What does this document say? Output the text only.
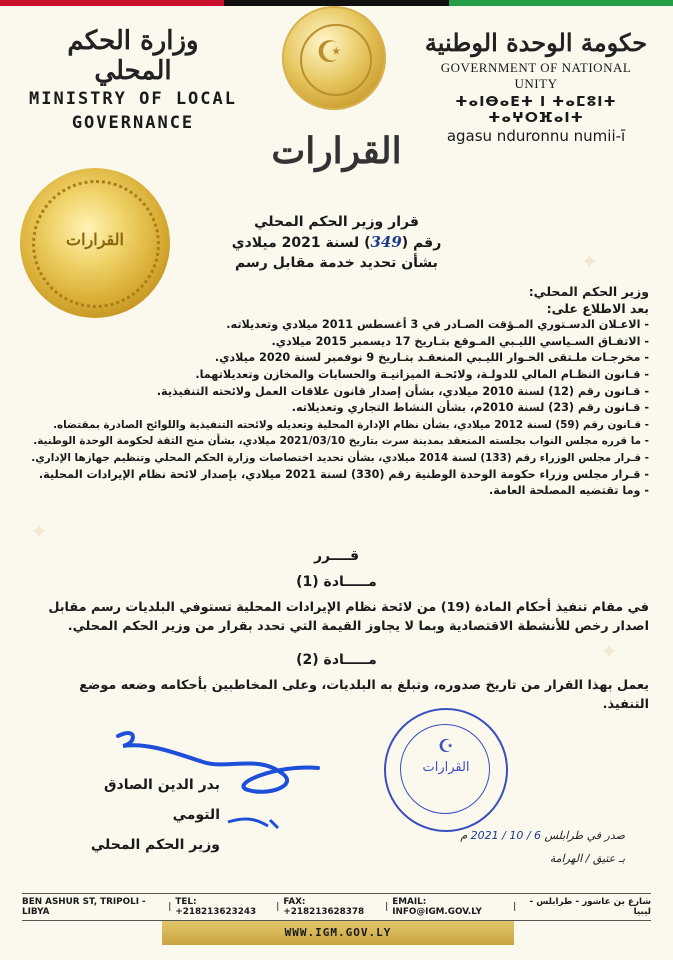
✦
✦
✦
وزارة الحكم المحلي
MINISTRY OF LOCAL
GOVERNANCE
☪	حكومة الوحدة الوطنية
GOVERNMENT OF NATIONAL UNITY
ⵜⴰⵏⴱⴰⴹⵜ ⵏ ⵜⴰⵎⵓⵏⵜ ⵜⴰⵖⵔⴼⴰⵏⵜ
agasu nduronnu numii-ī
القرارات
القرارات
قرار وزير الحكم المحلي
رقم (349) لسنة 2021 ميلادي
بشأن تحديد خدمة مقابل رسم
وزير الحكم المحلي:
بعد الاطلاع على:
- الاعـلان الدسـتوري المـؤقت الصـادر في 3 أغسطس 2011 ميلادي وتعديلاته.
- الاتفـاق السـياسي الليـبي المـوقع بتـاريخ 17 ديسمبر 2015 ميلادي.
- مخرجـات ملـتقى الحـوار الليـبي المنعقـد بتـاريخ 9 نوفمبر لسنة 2020 ميلادي.
- قـانون النظـام المالي للدولـة، ولائحـة الميزانيـة والحسابات والمخازن وتعديلاتهما.
- قـانون رقم (12) لسنة 2010 ميلادي، بشأن إصدار قانون علاقات العمل ولائحته التنفيذية.
- قـانون رقم (23) لسنة 2010م، بشأن النشاط التجاري وتعديلاته.
- قـانون رقم (59) لسنة 2012 ميلادي، بشأن نظام الإدارة المحلية وتعديله ولائحته التنفيذية واللوائح الصادرة بمقتضاه.
- ما قرره مجلس النواب بجلسته المنعقد بمدينة سرت بتاريخ 2021/03/10 ميلادي، بشأن منح الثقة لحكومة الوحدة الوطنية.
- قـرار مجلس الوزراء رقم (133) لسنة 2014 ميلادي، بشأن تحديد اختصاصات وزارة الحكم المحلي وتنظيم جهازها الإداري.
- قـرار مجلس وزراء حكومة الوحدة الوطنية رقم (330) لسنة 2021 ميلادي، بإصدار لائحة نظام الإيرادات المحلية.
- وما تقتضيه المصلحة العامة.
قــــرر
مـــــادة (1)
في مقام تنفيذ أحكام المادة (19) من لائحة نظام الإيرادات المحلية تستوفي البلديات رسم مقابل اصدار رخص للأنشطة الاقتصادية وبما لا يجاوز القيمة التي تحدد بقرار من وزير الحكم المحلي.
مـــــادة (2)
يعمل بهذا القرار من تاريخ صدوره، وتبلغ به البلديات، وعلى المخاطبين بأحكامه وضعه موضع التنفيذ.
بدر الدين الصادق التومي
وزير الحكم المحلي
☪
القرارات
صدر في طرابلس 6 / 10 / 2021 م
بـ عتيق / الهرامة
BEN ASHUR ST, TRIPOLI - LIBYA	| TEL: +218213623243	| FAX: +218213628378	| EMAIL: INFO@IGM.GOV.LY	|	شارع بن عاشور - طرابلس - ليبيا
WWW.IGM.GOV.LY
